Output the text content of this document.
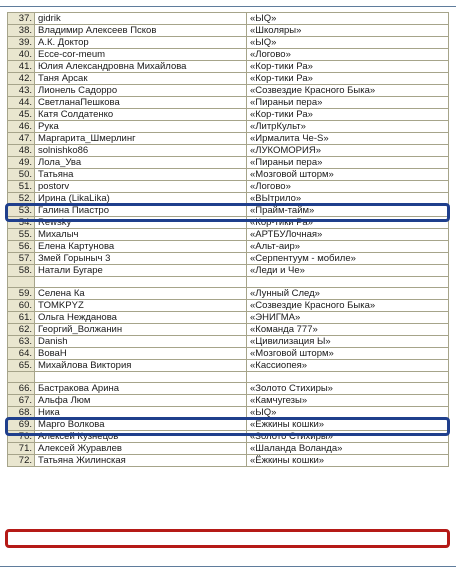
37.	gidrik	«ЫQ»
38.	Владимир Алексеев Псков	«Школяры»
39.	А.К. Доктор	«ЫQ»
40.	Ecce-cor-meum	«Логово»
41.	Юлия Александровна Михайлова	«Кор-тики Ра»
42.	Таня Арсак	«Кор-тики Ра»
43.	Лионель Садорро	«Созвездие Красного Быка»
44.	СветланаПешкова	«Пираньи пера»
45.	Катя Солдатенко	«Кор-тики Ра»
46.	Рука	«ЛитрКульт»
47.	Маргарита_Шмерлинг	«Ирмалита Че-S»
48.	solnishko86	«ЛУКОМОРИЯ»
49.	Лола_Ува	«Пираньи пера»
50.	Татьяна	«Мозговой шторм»
51.	postorv	«Логово»
52.	Ирина (LikaLika)	«ВЫтрило»
53.	Галина Пиастро	«Прайм-тайм»
54.	Rewsky	«Кор-тики Ра»
55.	Михалыч	«АРТБУЛочная»
56.	Елена Картунова	«Альт-аир»
57.	Змей Горыныч 3	«Серпентуум - мобиле»
58.	Натали Бугаре	«Леди и Че»

59.	Селена Ка	«Лунный След»
60.	TOMKPYZ	«Созвездие Красного Быка»
61.	Ольга Нежданова	«ЭНИГМА»
62.	Георгий_Волжанин	«Команда 777»
63.	Danish	«Цивилизация Ы»
64.	ВоваН	«Мозговой шторм»
65.	Михайлова Виктория	«Кассиопея»

66.	Бастракова Арина	«Золото Стихиры»
67.	Альфа Люм	«Камчугезы»
68.	Ника	«ЫQ»
69.	Марго Волкова	«Ёжкины кошки»
70.	Алексей Кузнецов	«Золото Стихиры»
71.	Алексей Журавлев	«Шаланда Воланда»
72.	Татьяна Жилинская	«Ёжкины кошки»
